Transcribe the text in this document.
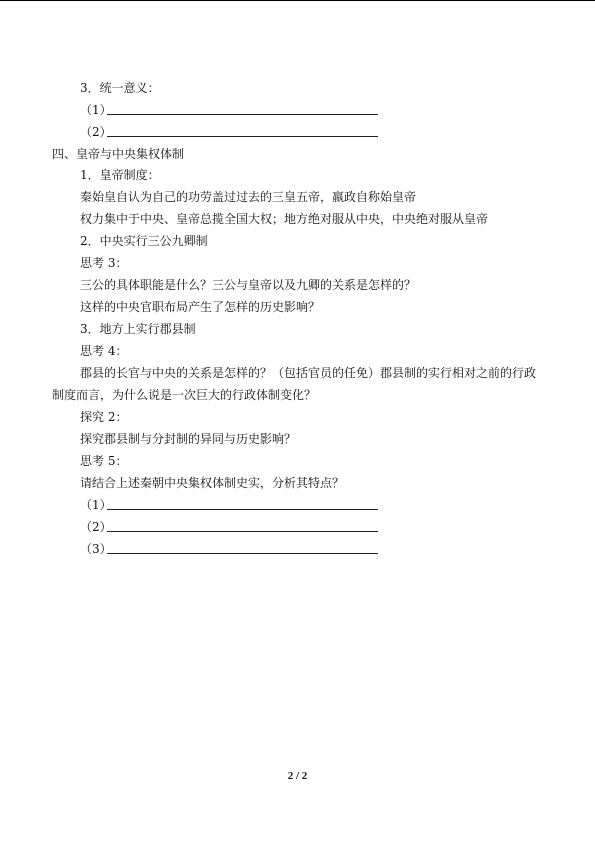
3．统一意义：
（1）
（2）
四、皇帝与中央集权体制
1．皇帝制度：
秦始皇自认为自己的功劳盖过过去的三皇五帝，嬴政自称始皇帝
权力集中于中央、皇帝总揽全国大权；地方绝对服从中央，中央绝对服从皇帝
2．中央实行三公九卿制
思考 3：
三公的具体职能是什么？三公与皇帝以及九卿的关系是怎样的？
这样的中央官职布局产生了怎样的历史影响？
3．地方上实行郡县制
思考 4：
郡县的长官与中央的关系是怎样的？（包括官员的任免）郡县制的实行相对之前的行政
制度而言，为什么说是一次巨大的行政体制变化？
探究 2：
探究郡县制与分封制的异同与历史影响？
思考 5：
请结合上述秦朝中央集权体制史实，分析其特点？
（1）
（2）
（3）
2 / 2
